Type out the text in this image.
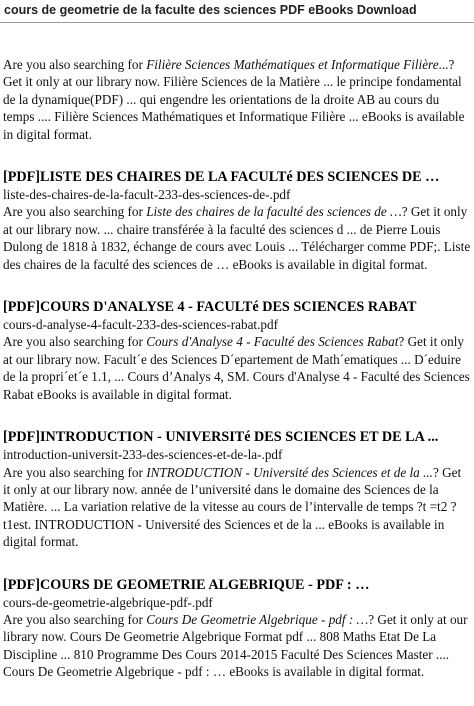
cours de geometrie de la faculte des sciences PDF eBooks Download

Are you also searching for Filière Sciences Mathématiques et Informatique Filière...? Get it only at our library now. Filière Sciences de la Matière ... le principe fondamental de la dynamique(PDF) ... qui engendre les orientations de la droite AB au cours du temps .... Filière Sciences Mathématiques et Informatique Filière ... eBooks is available in digital format.

[PDF]LISTE DES CHAIRES DE LA FACULTé DES SCIENCES DE …

liste-des-chaires-de-la-facult-233-des-sciences-de-.pdf

Are you also searching for Liste des chaires de la faculté des sciences de …? Get it only at our library now. ... chaire transférée à la faculté des sciences d ... de Pierre Louis Dulong de 1818 à 1832, échange de cours avec Louis ... Télécharger comme PDF;. Liste des chaires de la faculté des sciences de … eBooks is available in digital format.

[PDF]COURS D'ANALYSE 4 - FACULTé DES SCIENCES RABAT

cours-d-analyse-4-facult-233-des-sciences-rabat.pdf

Are you also searching for Cours d'Analyse 4 - Faculté des Sciences Rabat? Get it only at our library now. Facult´e des Sciences D´epartement de Math´ematiques ... D´eduire de la propri´et´e 1.1, ... Cours d’Analys 4, SM. Cours d'Analyse 4 - Faculté des Sciences Rabat eBooks is available in digital format.

[PDF]INTRODUCTION - UNIVERSITé DES SCIENCES ET DE LA ...

introduction-universit-233-des-sciences-et-de-la-.pdf

Are you also searching for INTRODUCTION - Université des Sciences et de la ...? Get it only at our library now. année de l’université dans le domaine des Sciences de la Matière. ... La variation relative de la vitesse au cours de l’intervalle de temps ?t =t2 ?t1est. INTRODUCTION - Université des Sciences et de la ... eBooks is available in digital format.

[PDF]COURS DE GEOMETRIE ALGEBRIQUE - PDF : …

cours-de-geometrie-algebrique-pdf-.pdf

Are you also searching for Cours De Geometrie Algebrique - pdf : …? Get it only at our library now. Cours De Geometrie Algebrique Format pdf ... 808 Maths Etat De La Discipline ... 810 Programme Des Cours 2014-2015 Faculté Des Sciences Master .... Cours De Geometrie Algebrique - pdf : … eBooks is available in digital format.
